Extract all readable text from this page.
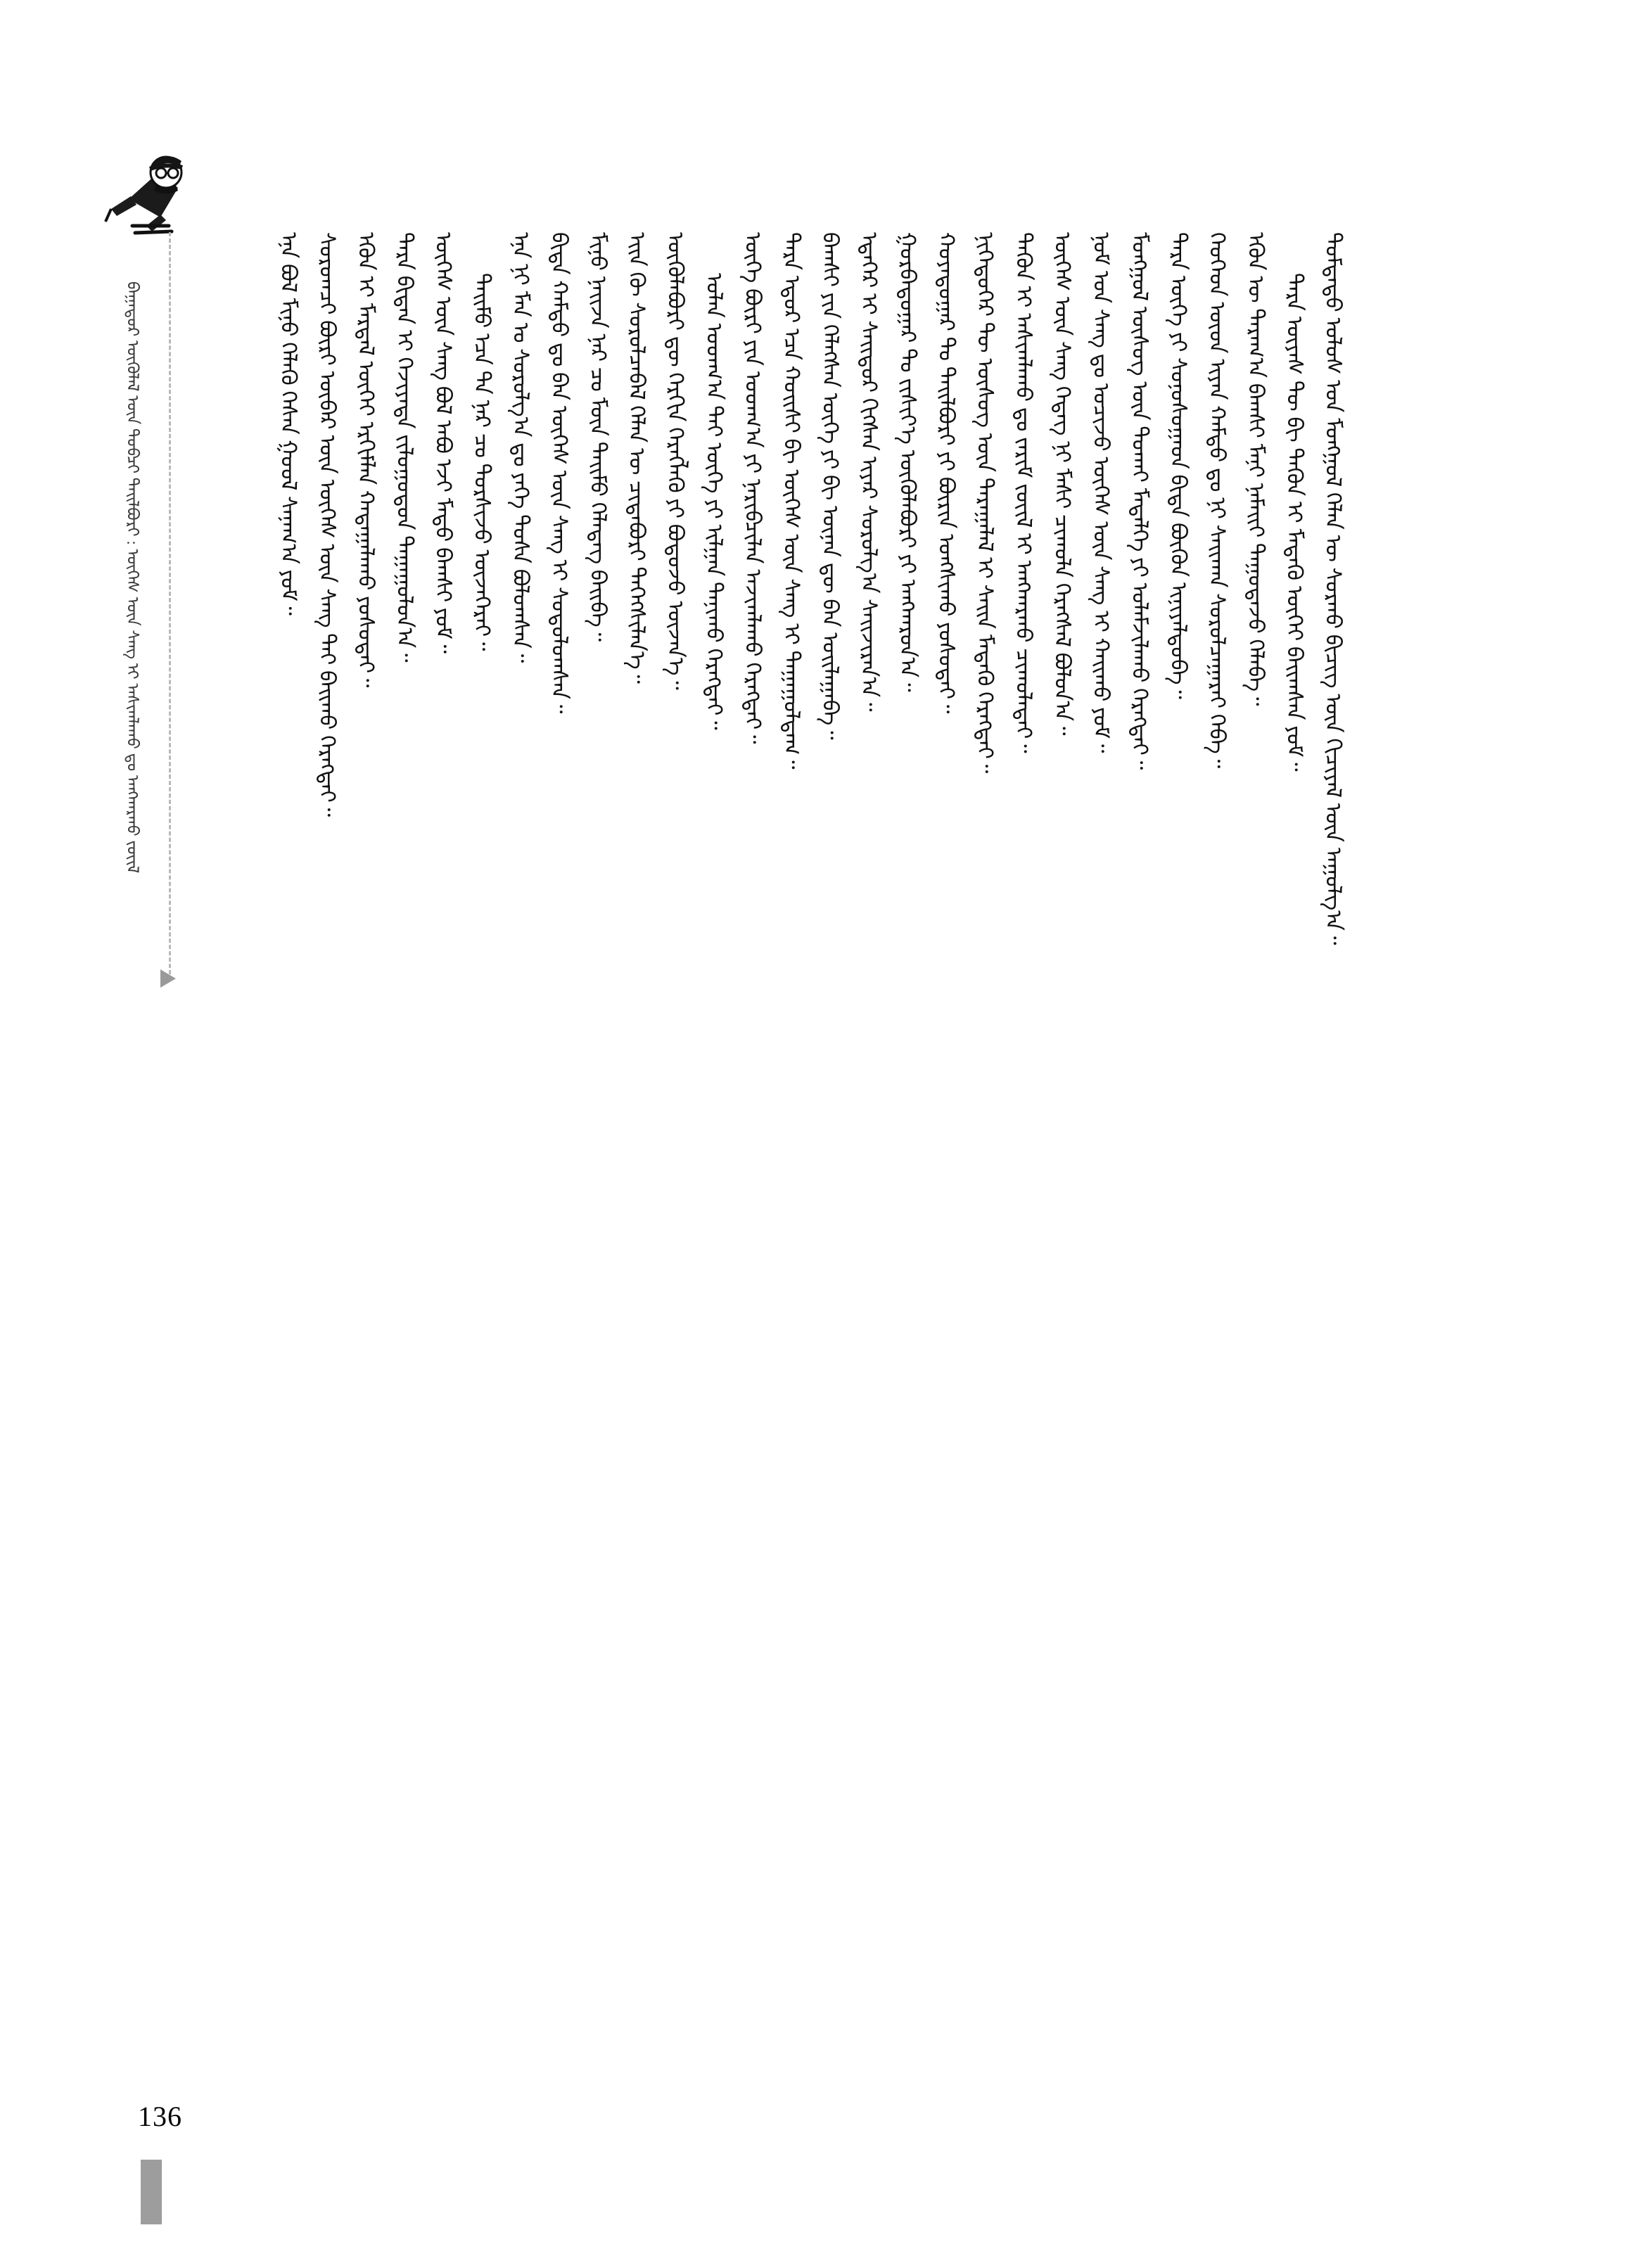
ᠪᠠᠭᠠᠲᠤᠷ ᠦᠭᠦᠯᠡᠯ ᠦᠨ ᠲᠣᠪᠴᠢ ᠲᠠᠢᠯᠪᠤᠷᠢ : ᠦᠭᠡᠰ ᠦᠨ ᠰᠠᠩ ᠢ ᠠᠰᠢᠭᠯᠠᠬᠤ ᠳᠤ ᠠᠩᠬᠠᠷᠬᠤ ᠵᠦᠢᠯ	ᠳᠤᠮᠳᠠᠳᠤ ᠤᠯᠤᠰ ᠤᠨ ᠮᠣᠩᠭᠣᠯ ᠬᠡᠯᠡᠨ ᠦ ᠰᠤᠷᠬᠤ ᠪᠢᠴᠢᠭ ᠦᠨ ᠬᠢᠴᠢᠶᠡᠯ ᠦᠨ ᠠᠭᠤᠯᠭ᠎ᠠ᠃
ᠲᠡᠷᠡ ᠦᠶᠡᠰ ᠲᠦ ᠪᠢ ᠲᠡᠭᠦᠨ ᠢ ᠮᠡᠳᠡᠬᠦ ᠦᠭᠡᠢ ᠪᠠᠢᠭᠰᠠᠨ ᠶᠤᠮ᠃
ᠡᠭᠦᠨ ᠦ ᠳᠠᠷᠠᠭ᠎ᠠ ᠪᠠᠭᠰᠢ ᠮᠠᠨᠢ ᠨᠠᠮᠠᠢᠢ ᠳᠠᠭᠤᠳᠠᠵᠤ ᠬᠡᠯᠡᠪᠡ᠃
ᠬᠡᠦᠬᠡᠳ ᠦᠳ ᠢᠶᠡᠨ ᠬᠠᠮᠲᠤ ᠳᠤ ᠨᠢ ᠰᠠᠢᠬᠠᠨ ᠰᠤᠷᠤᠯᠴᠠᠭᠠᠷᠠᠢ ᠭᠡᠪᠡ᠃
ᠲᠡᠷᠡ ᠦᠭᠡ ᠶᠢ ᠰᠣᠨᠣᠰᠤᠭᠠᠳ ᠪᠢᠳᠡ ᠪᠦᠬᠦᠨ ᠢᠨᠢᠶᠡᠯᠳᠦᠪᠡ᠃
ᠮᠣᠩᠭᠣᠯ ᠦᠰᠦᠭ ᠦᠨ ᠲᠤᠬᠠᠢ ᠮᠡᠳᠡᠯᠭᠡ ᠶᠢ ᠤᠯᠠᠮᠵᠢᠯᠠᠬᠤ ᠬᠡᠷᠡᠭᠲᠡᠢ᠃
ᠨᠣᠮ ᠤᠨ ᠰᠠᠩ ᠳᠤ ᠣᠴᠢᠵᠤ ᠦᠭᠡᠰ ᠦᠨ ᠰᠠᠩ ᠢ ᠬᠠᠢᠬᠤ ᠶᠤᠮ᠃
ᠦᠭᠡᠰ ᠦᠨ ᠰᠠᠩ ᠭᠡᠳᠡᠭ ᠨᠢ ᠮᠠᠰᠢ ᠴᠢᠬᠤᠯᠠ ᠬᠡᠷᠡᠭᠰᠡᠯ ᠪᠣᠯᠤᠨ᠎ᠠ᠃
ᠲᠡᠭᠦᠨ ᠢ ᠠᠰᠢᠭᠯᠠᠬᠤ ᠳᠤ ᠵᠠᠷᠢᠮ ᠵᠦᠢᠯ ᠢ ᠠᠩᠬᠠᠷᠬᠤ ᠴᠢᠬᠤᠯᠠᠲᠠᠢ᠃
ᠨᠢᠭᠡᠳᠦᠭᠡᠷ ᠲᠦ ᠦᠰᠦᠭ ᠦᠨ ᠳᠠᠷᠠᠭᠠᠯᠠᠯ ᠢ ᠰᠠᠢᠨ ᠮᠡᠳᠡᠬᠦ ᠬᠡᠷᠡᠭᠲᠡᠢ᠃
ᠬᠣᠶᠠᠳᠤᠭᠠᠷ ᠲᠤ ᠲᠠᠢᠯᠪᠤᠷᠢ ᠶᠢ ᠪᠦᠷᠢᠨ ᠤᠩᠰᠢᠬᠤ ᠶᠣᠰᠣᠲᠠᠢ᠃
ᠭᠤᠷᠪᠠᠳᠤᠭᠠᠷ ᠲᠤ ᠵᠢᠱᠢᠶ᠎ᠡ ᠦᠭᠦᠯᠡᠪᠦᠷᠢ ᠶᠢ ᠠᠩᠬᠠᠷᠤᠨ᠎ᠠ᠃
ᠡᠳᠡᠭᠡᠷ ᠢ ᠰᠠᠢᠲᠤᠷ ᠬᠢᠭᠰᠡᠨ ᠢᠶᠡᠷ ᠰᠤᠷᠤᠯᠭ᠎ᠠ ᠰᠠᠢᠵᠢᠷᠠᠨ᠎ᠠ᠃
ᠪᠠᠭᠰᠢ ᠶᠢᠨ ᠬᠡᠯᠡᠭᠰᠡᠨ ᠦᠭᠡ ᠶᠢ ᠪᠢ ᠦᠨᠡᠨ ᠳᠦ ᠪᠡᠨ ᠣᠢᠯᠠᠭᠠᠪᠠ᠃
ᠲᠡᠷᠡ ᠡᠳᠦᠷ ᠡᠴᠡ ᠬᠣᠢᠰᠢ ᠪᠢ ᠦᠭᠡᠰ ᠦᠨ ᠰᠠᠩ ᠢ ᠳᠠᠭᠠᠭᠤᠯᠳᠠᠭ᠃
ᠦᠭᠡ ᠪᠦᠷᠢ ᠶᠢᠨ ᠤᠳᠬ᠎ᠠ ᠶᠢ ᠨᠠᠷᠢᠪᠴᠢᠯᠠᠨ ᠠᠵᠢᠭᠯᠠᠬᠤ ᠭᠡᠷᠡᠭᠲᠡᠢ᠃
ᠣᠯᠠᠨ ᠤᠳᠬ᠎ᠠ ᠲᠠᠢ ᠦᠭᠡ ᠶᠢ ᠢᠯᠭᠠᠨ ᠲᠠᠨᠢᠬᠤ ᠬᠡᠷᠡᠭᠲᠡᠢ᠃
ᠦᠭᠦᠯᠡᠪᠦᠷᠢ ᠳᠦ ᠬᠡᠷᠬᠢᠨ ᠬᠡᠷᠡᠭᠯᠡᠬᠦ ᠶᠢ ᠪᠣᠳᠣᠵᠤ ᠦᠵᠡᠨ᠎ᠡ᠃
ᠡᠢᠨ ᠬᠦ ᠰᠤᠷᠤᠯᠴᠠᠪᠠᠯ ᠬᠡᠯᠡᠨ ᠦ ᠴᠢᠳᠠᠪᠤᠷᠢ ᠳᠡᠭᠡᠭᠰᠢᠯᠡᠨ᠎ᠡ᠃
ᠮᠢᠨᠦ ᠨᠠᠢᠵᠠ ᠨᠠᠷ ᠴᠤ ᠮᠦᠨ ᠲᠡᠢᠮᠦ ᠬᠡᠯᠡᠳᠡᠭ ᠪᠠᠢᠪᠠ᠃
ᠪᠢᠳᠡ ᠬᠠᠮᠲᠤ ᠳᠤ ᠪᠠᠨ ᠦᠭᠡᠰ ᠦᠨ ᠰᠠᠩ ᠢ ᠰᠤᠳᠤᠯᠤᠭᠰᠠᠨ᠃
ᠡᠨᠡ ᠨᠢ ᠮᠠᠨ ᠤ ᠰᠤᠷᠤᠯᠭ᠎ᠠ ᠳᠤ ᠶᠡᠬᠡ ᠲᠤᠰᠠ ᠪᠣᠯᠤᠭᠰᠠᠨ᠃
ᠲᠡᠢᠮᠦ ᠡᠴᠡ ᠲᠠ ᠨᠠᠷ ᠴᠤ ᠲᠤᠷᠰᠢᠵᠤ ᠦᠵᠡᠭᠡᠷᠡᠢ᠃
ᠦᠭᠡᠰ ᠦᠨ ᠰᠠᠩ ᠪᠣᠯ ᠠᠪᠤ ᠡᠵᠢ ᠮᠡᠲᠦ ᠪᠠᠭᠰᠢ ᠶᠤᠮ᠃
ᠲᠡᠷᠡ ᠪᠢᠳᠡᠨ ᠢ ᠬᠡᠵᠢᠶᠡᠳᠡ ᠵᠢᠯᠣᠭᠣᠳᠤᠨ ᠳᠠᠭᠠᠭᠤᠯᠤᠨ᠎ᠠ᠃
ᠡᠭᠦᠨ ᠢ ᠮᠠᠷᠲᠠᠯ ᠦᠭᠡᠢ ᠡᠷᠬᠢᠮᠯᠡᠨ ᠬᠠᠳᠠᠭᠠᠯᠠᠬᠤ ᠶᠣᠰᠣᠲᠠᠢ᠃
ᠰᠤᠷᠤᠭᠴᠢ ᠪᠦᠷᠢ ᠦᠪᠡᠷ ᠦᠨ ᠦᠭᠡᠰ ᠦᠨ ᠰᠠᠩ ᠲᠠᠢ ᠪᠠᠢᠬᠤ ᠬᠡᠷᠡᠭᠲᠡᠢ᠃
ᠡᠨᠡ ᠪᠣᠯ ᠮᠢᠨᠦ ᠬᠡᠯᠡᠬᠦ ᠭᠡᠰᠡᠨ ᠭᠣᠣᠯ ᠰᠠᠨᠠᠭ᠎ᠠ ᠶᠤᠮ᠃
136
